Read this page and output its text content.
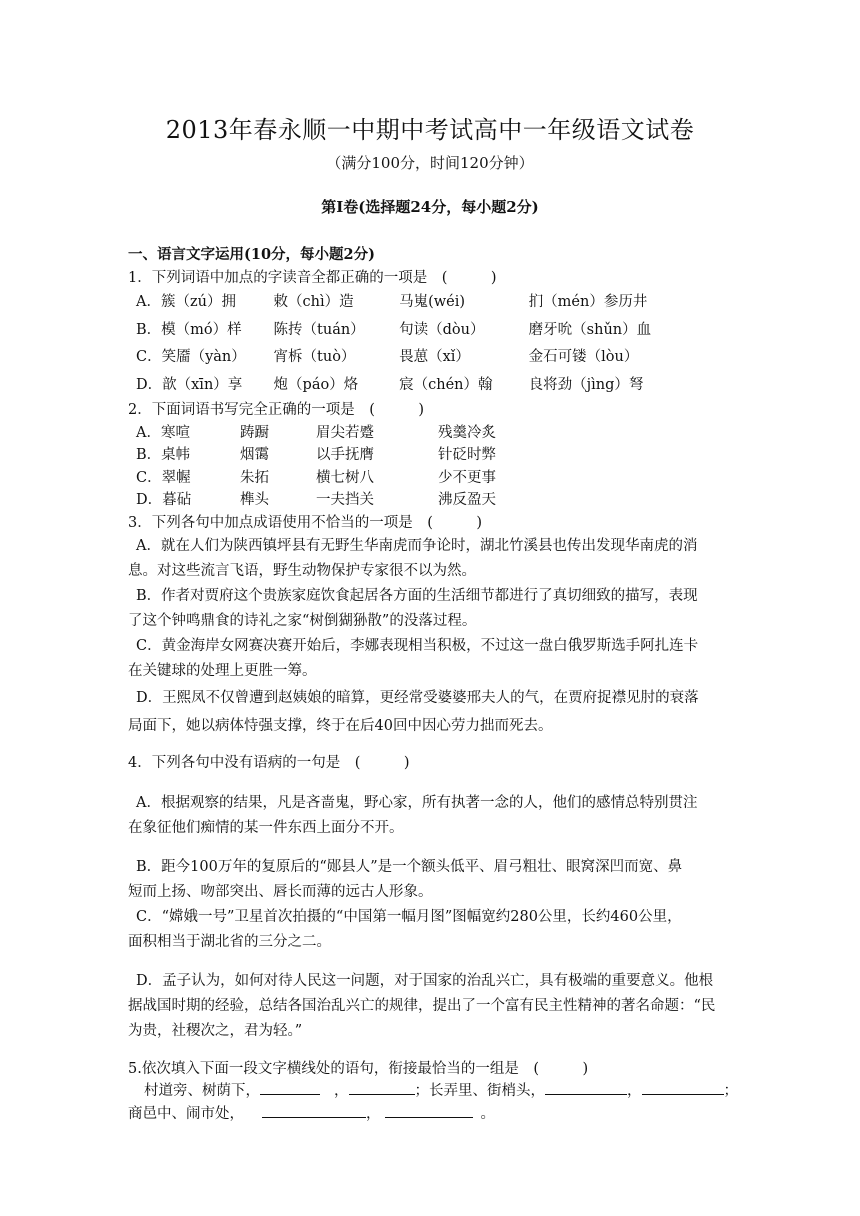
2013年春永顺一中期中考试高中一年级语文试卷
（满分100分，时间120分钟）
第Ⅰ卷(选择题24分，每小题2分)
一、语言文字运用(10分，每小题2分)
1．下列词语中加点的字读音全都正确的一项是　(　　　)
A．簇（zú）拥	敕（chì）造	马嵬(wéi)	扪（mén）参历井
B．模（mó）样	陈抟（tuán）	句读（dòu）	磨牙吮（shǔn）血
C．笑靥（yàn）	宵柝（tuò）	畏葸（xǐ）	金石可镂（lòu）
D．歆（xīn）享	炮（páo）烙	宸（chén）翰	良将劲（jìng）弩
2．下面词语书写完全正确的一项是　(　　　)
A．寒喧	踌蹰	眉尖若蹙	残羹冷炙
B．桌帏	烟霭	以手抚膺	针砭时弊
C．翠幄	朱拓	横七树八	少不更事
D．暮砧	榫头	一夫挡关	沸反盈天
3．下列各句中加点成语使用不恰当的一项是　(　　　)
A．就在人们为陕西镇坪县有无野生华南虎而争论时，湖北竹溪县也传出发现华南虎的消
息。对这些流言飞语，野生动物保护专家很不以为然。
B．作者对贾府这个贵族家庭饮食起居各方面的生活细节都进行了真切细致的描写，表现
了这个钟鸣鼎食的诗礼之家“树倒猢狲散”的没落过程。
C．黄金海岸女网赛决赛开始后，李娜表现相当积极，不过这一盘白俄罗斯选手阿扎连卡
在关键球的处理上更胜一筹。
D．王熙凤不仅曾遭到赵姨娘的暗算，更经常受婆婆邢夫人的气，在贾府捉襟见肘的衰落
局面下，她以病体恃强支撑，终于在后40回中因心劳力拙而死去。
4．下列各句中没有语病的一句是　(　　　)
A．根据观察的结果，凡是吝啬鬼，野心家，所有执著一念的人，他们的感情总特别贯注
在象征他们痴情的某一件东西上面分不开。
B．距今100万年的复原后的“郧县人”是一个额头低平、眉弓粗壮、眼窝深凹而宽、鼻
短而上扬、吻部突出、唇长而薄的远古人形象。
C．“嫦娥一号”卫星首次拍摄的“中国第一幅月图”图幅宽约280公里，长约460公里，
面积相当于湖北省的三分之二。
D．孟子认为，如何对待人民这一问题，对于国家的治乱兴亡，具有极端的重要意义。他根
据战国时期的经验，总结各国治乱兴亡的规律，提出了一个富有民主性精神的著名命题：“民
为贵，社稷次之，君为轻。”
5.依次填入下面一段文字横线处的语句，衔接最恰当的一组是　(　　　)
村道旁、树荫下，	，	；长弄里、街梢头，	，	；
商邑中、闹市处，	，	。
